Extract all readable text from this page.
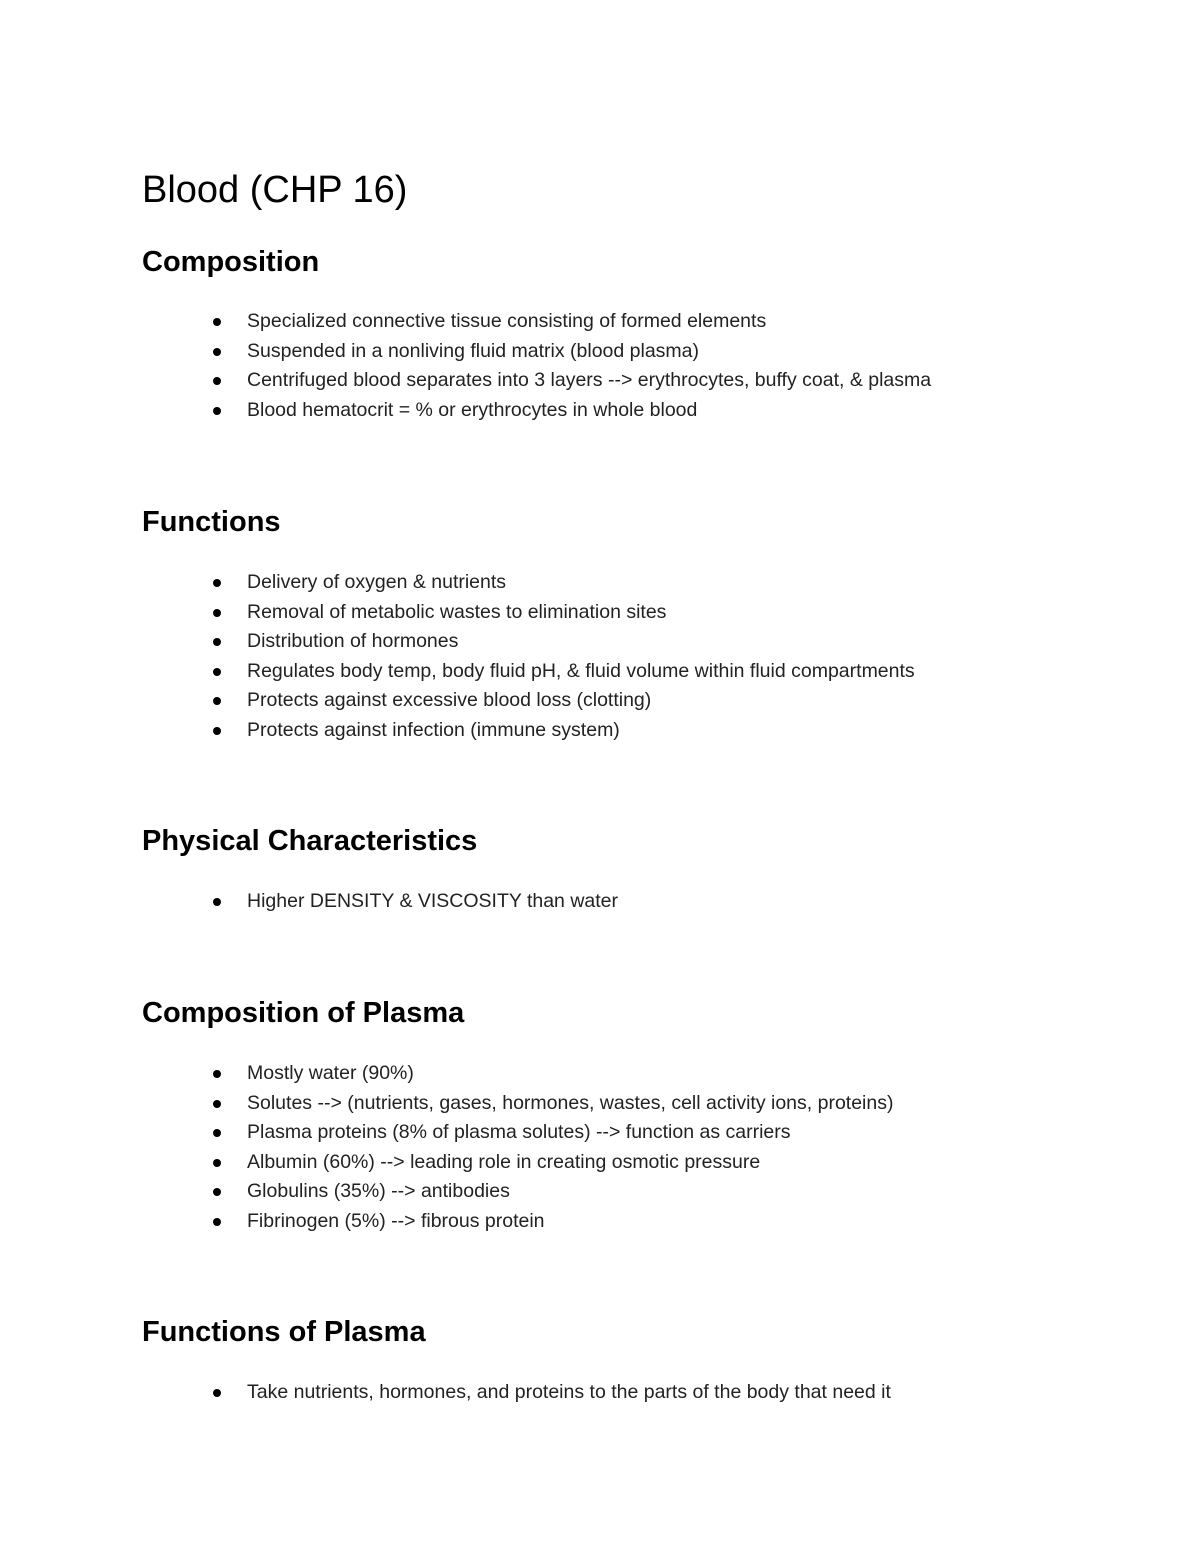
Blood (CHP 16)
Composition
Specialized connective tissue consisting of formed elements
Suspended in a nonliving fluid matrix (blood plasma)
Centrifuged blood separates into 3 layers --> erythrocytes, buffy coat, & plasma
Blood hematocrit = % or erythrocytes in whole blood
Functions
Delivery of oxygen & nutrients
Removal of metabolic wastes to elimination sites
Distribution of hormones
Regulates body temp, body fluid pH, & fluid volume within fluid compartments
Protects against excessive blood loss (clotting)
Protects against infection (immune system)
Physical Characteristics
Higher DENSITY & VISCOSITY than water
Composition of Plasma
Mostly water (90%)
Solutes --> (nutrients, gases, hormones, wastes, cell activity ions, proteins)
Plasma proteins (8% of plasma solutes) --> function as carriers
Albumin (60%) --> leading role in creating osmotic pressure
Globulins (35%) --> antibodies
Fibrinogen (5%) --> fibrous protein
Functions of Plasma
Take nutrients, hormones, and proteins to the parts of the body that need it
